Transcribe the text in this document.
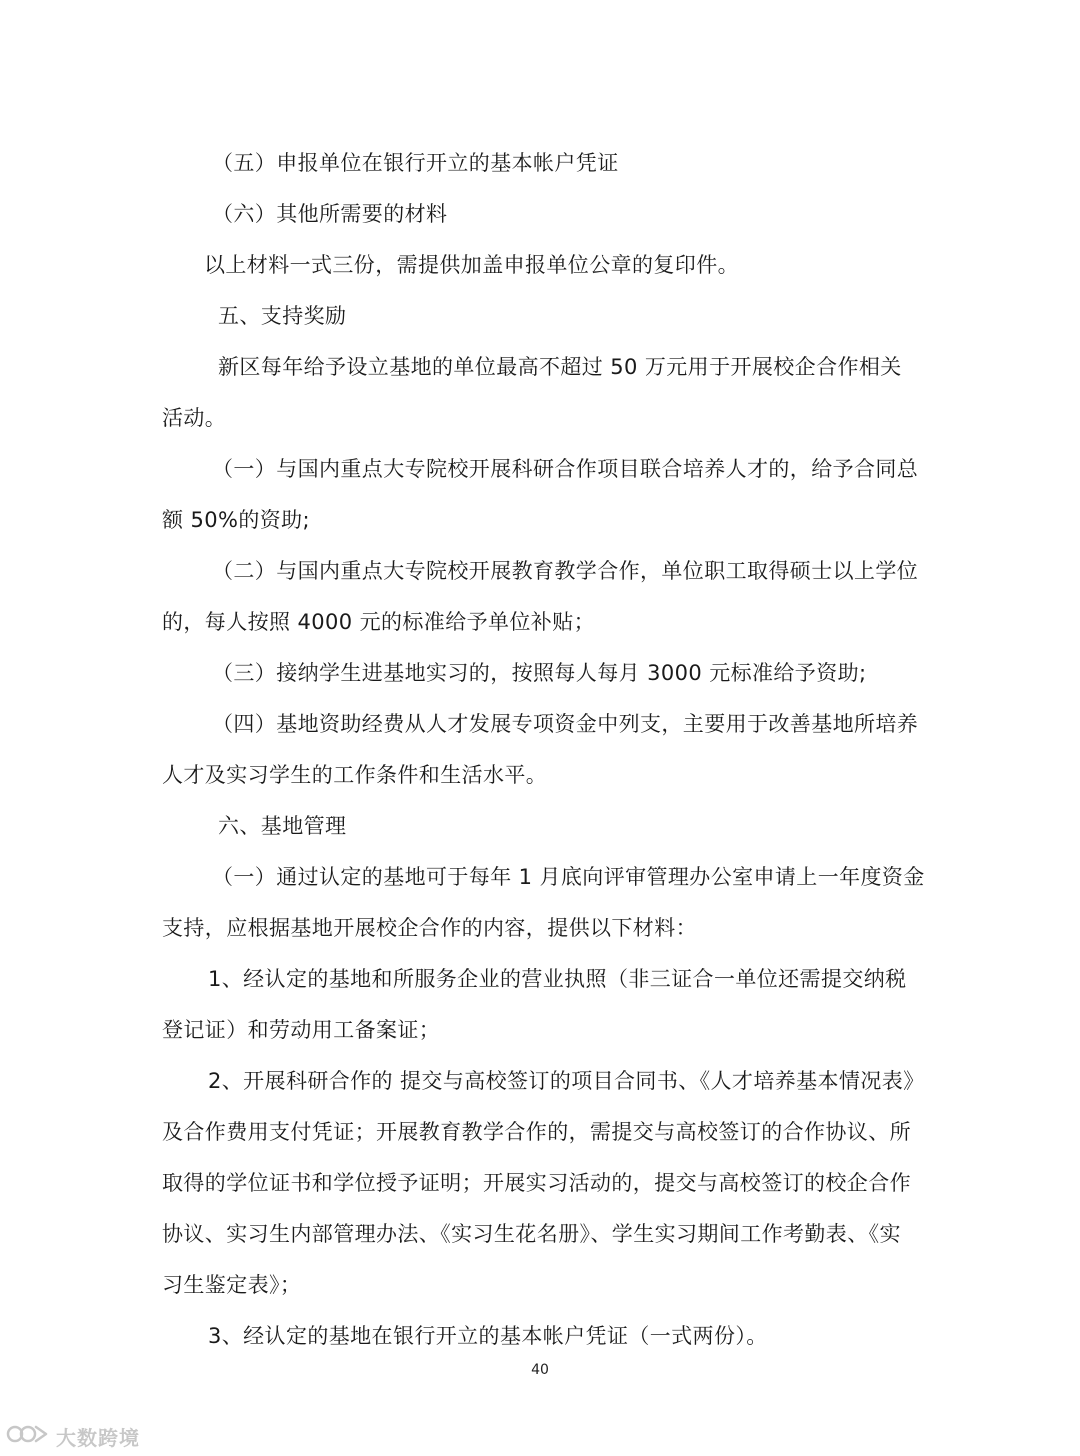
（五）申报单位在银行开立的基本帐户凭证
（六）其他所需要的材料
以上材料一式三份，需提供加盖申报单位公章的复印件。
五、支持奖励
新区每年给予设立基地的单位最高不超过 50 万元用于开展校企合作相关
活动。
（一）与国内重点大专院校开展科研合作项目联合培养人才的，给予合同总
额 50%的资助;
（二）与国内重点大专院校开展教育教学合作，单位职工取得硕士以上学位
的，每人按照 4000 元的标准给予单位补贴；
（三）接纳学生进基地实习的，按照每人每月 3000 元标准给予资助;
（四）基地资助经费从人才发展专项资金中列支，主要用于改善基地所培养
人才及实习学生的工作条件和生活水平。
六、基地管理
（一）通过认定的基地可于每年 1 月底向评审管理办公室申请上一年度资金
支持，应根据基地开展校企合作的内容，提供以下材料：
1、经认定的基地和所服务企业的营业执照（非三证合一单位还需提交纳税
登记证）和劳动用工备案证；
2、开展科研合作的 提交与高校签订的项目合同书、《人才培养基本情况表》
及合作费用支付凭证；开展教育教学合作的，需提交与高校签订的合作协议、所
取得的学位证书和学位授予证明；开展实习活动的，提交与高校签订的校企合作
协议、实习生内部管理办法、《实习生花名册》、学生实习期间工作考勤表、《实
习生鉴定表》；
3、经认定的基地在银行开立的基本帐户凭证（一式两份）。
40
大数跨境
